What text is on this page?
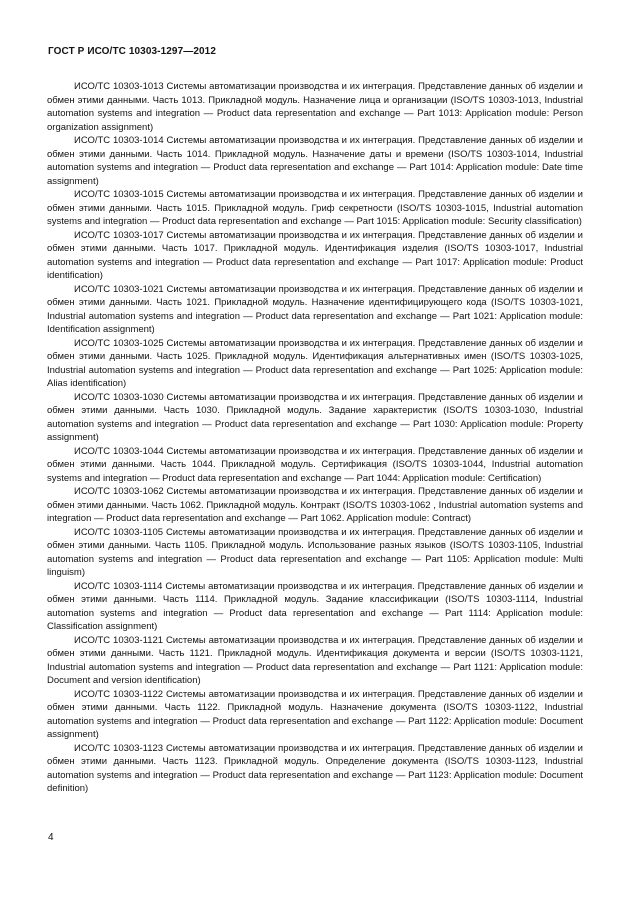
ГОСТ Р ИСО/ТС 10303-1297—2012

ИСО/ТС 10303-1013 Системы автоматизации производства и их интеграция. Представление данных об изделии и обмен этими данными. Часть 1013. Прикладной модуль. Назначение лица и организации (ISO/TS 10303-1013, Industrial automation systems and integration — Product data representation and exchange — Part 1013: Application module: Person organization assignment)

ИСО/ТС 10303-1014 Системы автоматизации производства и их интеграция. Представление данных об изделии и обмен этими данными. Часть 1014. Прикладной модуль. Назначение даты и времени (ISO/TS 10303-1014, Industrial automation systems and integration — Product data representation and exchange — Part 1014: Application module: Date time assignment)

ИСО/ТС 10303-1015 Системы автоматизации производства и их интеграция. Представление данных об изделии и обмен этими данными. Часть 1015. Прикладной модуль. Гриф секретности (ISO/TS 10303-1015, Industrial automation systems and integration — Product data representation and exchange — Part 1015: Application module: Security classification)

ИСО/ТС 10303-1017 Системы автоматизации производства и их интеграция. Представление данных об изделии и обмен этими данными. Часть 1017. Прикладной модуль. Идентификация изделия (ISO/TS 10303-1017, Industrial automation systems and integration — Product data representation and exchange — Part 1017: Application module: Product identification)

ИСО/ТС 10303-1021 Системы автоматизации производства и их интеграция. Представление данных об изделии и обмен этими данными. Часть 1021. Прикладной модуль. Назначение идентифицирующего кода (ISO/TS 10303-1021, Industrial automation systems and integration — Product data representation and exchange — Part 1021: Application module: Identification assignment)

ИСО/ТС 10303-1025 Системы автоматизации производства и их интеграция. Представление данных об изделии и обмен этими данными. Часть 1025. Прикладной модуль. Идентификация альтернативных имен (ISO/TS 10303-1025, Industrial automation systems and integration — Product data representation and exchange — Part 1025: Application module: Alias identification)

ИСО/ТС 10303-1030 Системы автоматизации производства и их интеграция. Представление данных об изделии и обмен этими данными. Часть 1030. Прикладной модуль. Задание характеристик (ISO/TS 10303-1030, Industrial automation systems and integration — Product data representation and exchange — Part 1030: Application module: Property assignment)

ИСО/ТС 10303-1044 Системы автоматизации производства и их интеграция. Представление данных об изделии и обмен этими данными. Часть 1044. Прикладной модуль. Сертификация (ISO/TS 10303-1044, Industrial automation systems and integration — Product data representation and exchange — Part 1044: Application module: Certification)

ИСО/ТС 10303-1062 Системы автоматизации производства и их интеграция. Представление данных об изделии и обмен этими данными. Часть 1062. Прикладной модуль. Контракт (ISO/TS 10303-1062 , Industrial automation systems and integration — Product data representation and exchange — Part 1062. Application module: Contract)

ИСО/ТС 10303-1105 Системы автоматизации производства и их интеграция. Представление данных об изделии и обмен этими данными. Часть 1105. Прикладной модуль. Использование разных языков (ISO/TS 10303-1105, Industrial automation systems and integration — Product data representation and exchange — Part 1105: Application module: Multi linguism)

ИСО/ТС 10303-1114 Системы автоматизации производства и их интеграция. Представление данных об изделии и обмен этими данными. Часть 1114. Прикладной модуль. Задание классификации (ISO/TS 10303-1114, Industrial automation systems and integration — Product data representation and exchange — Part 1114: Application module: Classification assignment)

ИСО/ТС 10303-1121 Системы автоматизации производства и их интеграция. Представление данных об изделии и обмен этими данными. Часть 1121. Прикладной модуль. Идентификация документа и версии (ISO/TS 10303-1121, Industrial automation systems and integration — Product data representation and exchange — Part 1121: Application module: Document and version identification)

ИСО/ТС 10303-1122 Системы автоматизации производства и их интеграция. Представление данных об изделии и обмен этими данными. Часть 1122. Прикладной модуль. Назначение документа (ISO/TS 10303-1122, Industrial automation systems and integration — Product data representation and exchange — Part 1122: Application module: Document assignment)

ИСО/ТС 10303-1123 Системы автоматизации производства и их интеграция. Представление данных об изделии и обмен этими данными. Часть 1123. Прикладной модуль. Определение документа (ISO/TS 10303-1123, Industrial automation systems and integration — Product data representation and exchange — Part 1123: Application module: Document definition)

4
